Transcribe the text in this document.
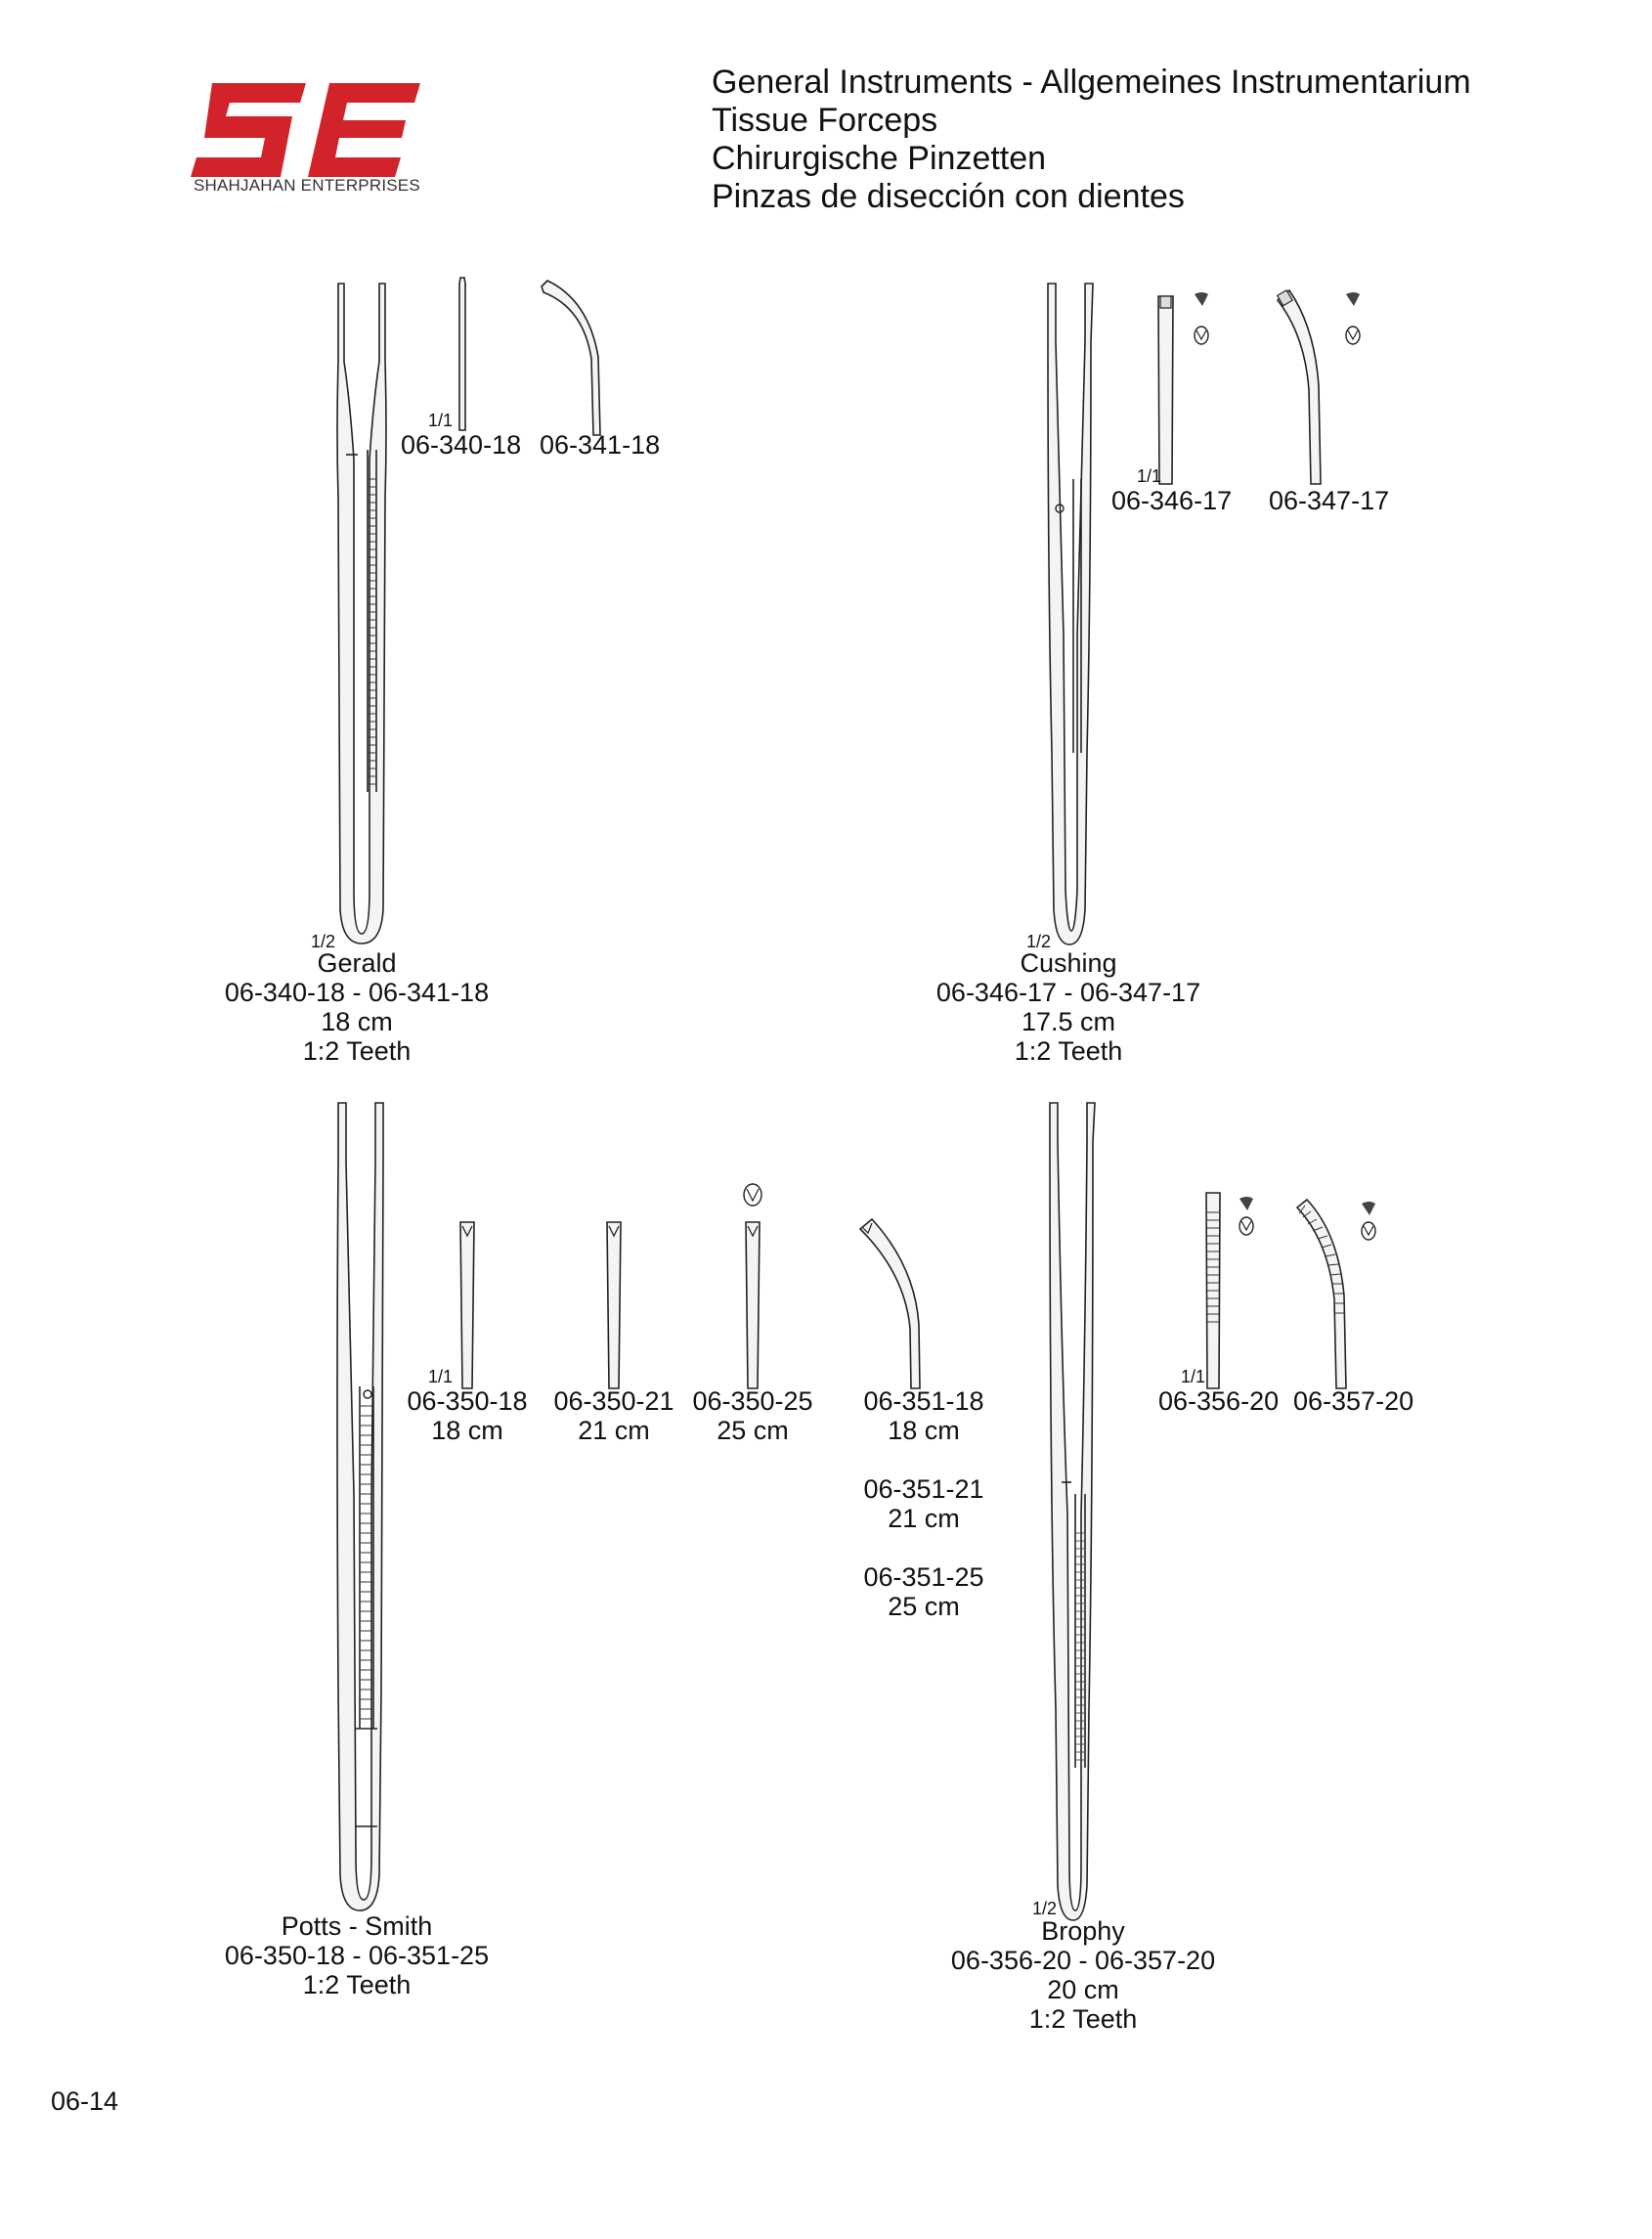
SHAHJAHAN ENTERPRISES
General Instruments - Allgemeines Instrumentarium
Tissue Forceps
Chirurgische Pinzetten
Pinzas de disección con dientes
1/1
06-340-18 06-341-18
1/2
Gerald
06-340-18 - 06-341-18
18 cm
1:2 Teeth
1/1
06-346-17 06-347-17
1/2
Cushing
06-346-17 - 06-347-17
17.5 cm
1:2 Teeth
1/1
06-350-18
18 cm
06-350-21
21 cm
06-350-25
25 cm
06-351-18
18 cm
06-351-21
21 cm
06-351-25
25 cm
Potts - Smith
06-350-18 - 06-351-25
1:2 Teeth
1/1
06-356-20 06-357-20
1/2
Brophy
06-356-20 - 06-357-20
20 cm
1:2 Teeth
06-14
